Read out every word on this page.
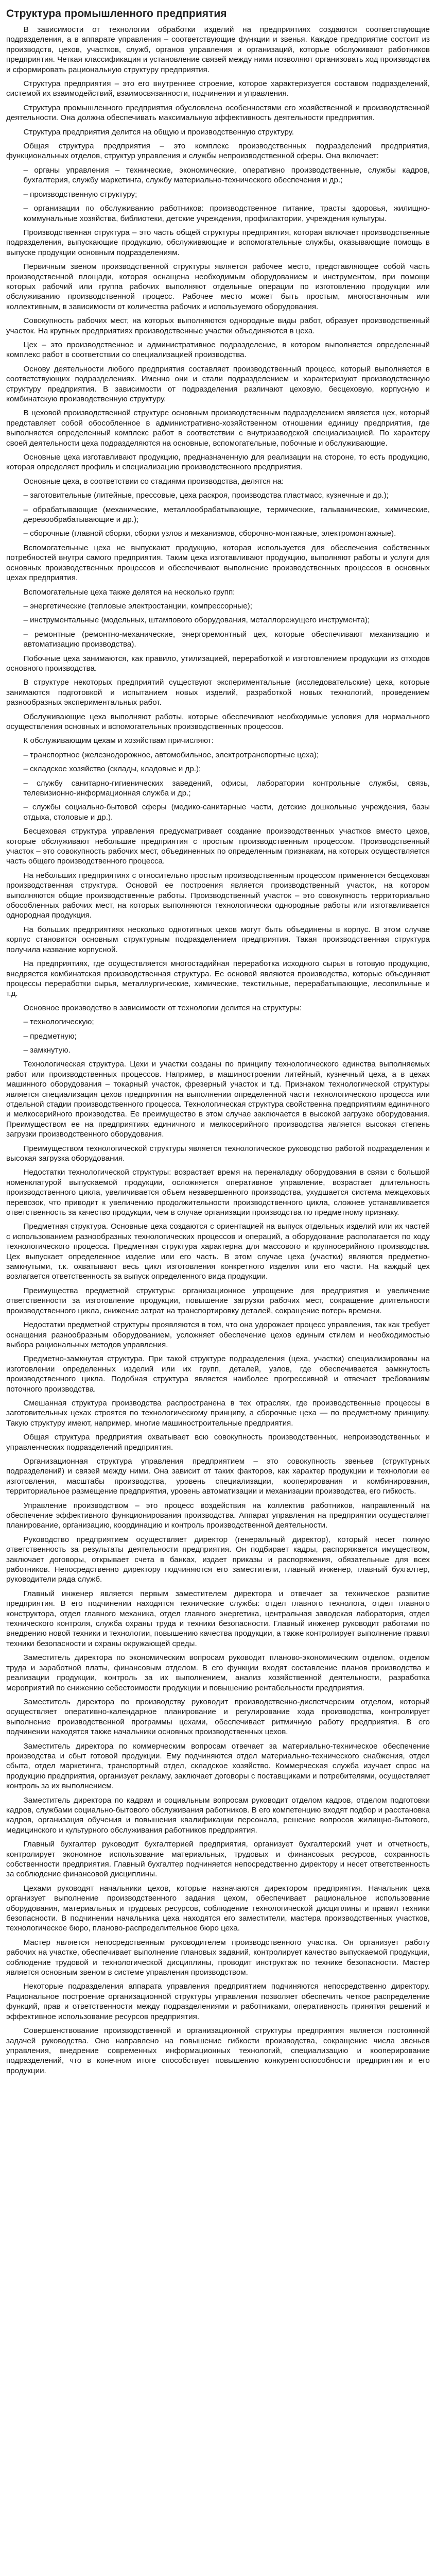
Структура промышленного предприятия

В зависимости от технологии обработки изделий на предприятиях создаются соответствующие подразделения, а в аппарате управления – соответствующие функции и звенья. Каждое предприятие состоит из производств, цехов, участков, служб, органов управления и организаций, которые обслуживают работников предприятия. Четкая классификация и установление связей между ними позволяют организовать ход производства и сформировать рациональную структуру предприятия.

Структура предприятия – это его внутреннее строение, которое характеризуется составом подразделений, системой их взаимодействий, взаимосвязанности, подчинения и управления.

Структура промышленного предприятия обусловлена особенностями его хозяйственной и производственной деятельности. Она должна обеспечивать максимальную эффективность деятельности предприятия.

Структура предприятия делится на общую и производственную структуру.

Общая структура предприятия – это комплекс производственных подразделений предприятия, функциональных отделов, структур управления и службы непроизводственной сферы. Она включает:

– органы управления – технические, экономические, оперативно производственные, службы кадров, бухгалтерия, службу маркетинга, службу материально-технического обеспечения и др.;

– производственную структуру;

– организации по обслуживанию работников: производственное питание, трасты здоровья, жилищно-коммунальные хозяйства, библиотеки, детские учреждения, профилактории, учреждения культуры.

Производственная структура – это часть общей структуры предприятия, которая включает производственные подразделения, выпускающие продукцию, обслуживающие и вспомогательные службы, оказывающие помощь в выпуске продукции основным подразделениям.

Первичным звеном производственной структуры является рабочее место, представляющее собой часть производственной площади, которая оснащена необходимым оборудованием и инструментом, при помощи которых рабочий или группа рабочих выполняют отдельные операции по изготовлению продукции или обслуживанию производственной процесс. Рабочее место может быть простым, многостаночным или коллективным, в зависимости от количества рабочих и используемого оборудования.

Совокупность рабочих мест, на которых выполняются однородные виды работ, образует производственный участок. На крупных предприятиях производственные участки объединяются в цеха.

Цех – это производственное и административное подразделение, в котором выполняется определенный комплекс работ в соответствии со специализацией производства.

Основу деятельности любого предприятия составляет производственный процесс, который выполняется в соответствующих подразделениях. Именно они и стали подразделением и характеризуют производственную структуру предприятия. В зависимости от подразделения различают цеховую, бесцеховую, корпусную и комбинатскую производственную структуру.

В цеховой производственной структуре основным производственным подразделением является цех, который представляет собой обособленное в административно-хозяйственном отношении единицу предприятия, где выполняется определенный комплекс работ в соответствии с внутризаводской специализацией. По характеру своей деятельности цеха подразделяются на основные, вспомогательные, побочные и обслуживающие.

Основные цеха изготавливают продукцию, предназначенную для реализации на стороне, то есть продукцию, которая определяет профиль и специализацию производственного предприятия.

Основные цеха, в соответствии со стадиями производства, делятся на:

– заготовительные (литейные, прессовые, цеха раскроя, производства пластмасс, кузнечные и др.);

– обрабатывающие (механические, металлообрабатывающие, термические, гальванические, химические, деревообрабатывающие и др.);

– сборочные (главной сборки, сборки узлов и механизмов, сборочно-монтажные, электромонтажные).

Вспомогательные цеха не выпускают продукцию, которая используется для обеспечения собственных потребностей внутри самого предприятия. Таким цеха изготавливают продукцию, выполняют работы и услуги для основных производственных процессов и обеспечивают выполнение производственных процессов в основных цехах предприятия.

Вспомогательные цеха также делятся на несколько групп:

– энергетические (тепловые электростанции, компрессорные);

– инструментальные (модельных, штампового оборудования, металлорежущего инструмента);

– ремонтные (ремонтно-механические, энергоремонтный цех, которые обеспечивают механизацию и автоматизацию производства).

Побочные цеха занимаются, как правило, утилизацией, переработкой и изготовлением продукции из отходов основного производства.

В структуре некоторых предприятий существуют экспериментальные (исследовательские) цеха, которые занимаются подготовкой и испытанием новых изделий, разработкой новых технологий, проведением разнообразных экспериментальных работ.

Обслуживающие цеха выполняют работы, которые обеспечивают необходимые условия для нормального осуществления основных и вспомогательных производственных процессов.

К обслуживающим цехам и хозяйствам причисляют:

– транспортное (железнодорожное, автомобильное, электротранспортные цеха);

– складское хозяйство (склады, кладовые и др.);

– службу санитарно-гигиенических заведений, офисы, лаборатории контрольные службы, связь, телевизионно-информационная служба и др.;

– службы социально-бытовой сферы (медико-санитарные части, детские дошкольные учреждения, базы отдыха, столовые и др.).

Бесцеховая структура управления предусматривает создание производственных участков вместо цехов, которые обслуживают небольшие предприятия с простым производственным процессом. Производственный участок – это совокупность рабочих мест, объединенных по определенным признакам, на которых осуществляется часть общего производственного процесса.

На небольших предприятиях с относительно простым производственным процессом применяется бесцеховая производственная структура. Основой ее построения является производственный участок, на котором выполняются общие производственные работы. Производственный участок – это совокупность территориально обособленных рабочих мест, на которых выполняются технологически однородные работы или изготавливается однородная продукция.

На больших предприятиях несколько однотипных цехов могут быть объединены в корпус. В этом случае корпус становится основным структурным подразделением предприятия. Такая производственная структура получила название корпусной.

На предприятиях, где осуществляется многостадийная переработка исходного сырья в готовую продукцию, внедряется комбинатская производственная структура. Ее основой являются производства, которые объединяют процессы переработки сырья, металлургические, химические, текстильные, перерабатывающие, лесопильные и т.д.

Основное производство в зависимости от технологии делится на структуры:

– технологическую;

– предметную;

– замкнутую.

Технологическая структура. Цехи и участки созданы по принципу технологического единства выполняемых работ или производственных процессов. Например, в машиностроении литейный, кузнечный цеха, а в цехах машинного оборудования – токарный участок, фрезерный участок и т.д. Признаком технологической структуры является специализация цехов предприятия на выполнении определенной части технологического процесса или отдельной стадии производственного процесса. Технологическая структура свойственна предприятиям единичного и мелкосерийного производства. Ее преимущество в этом случае заключается в высокой загрузке оборудования. Преимуществом ее на предприятиях единичного и мелкосерийного производства является высокая степень загрузки производственного оборудования.

Преимуществом технологической структуры является технологическое руководство работой подразделения и высокая загрузка оборудования.

Недостатки технологической структуры: возрастает время на переналадку оборудования в связи с большой номенклатурой выпускаемой продукции, осложняется оперативное управление, возрастает длительность производственного цикла, увеличивается объем незавершенного производства, ухудшается система межцеховых перевозок, что приводит к увеличению продолжительности производственного цикла, сложнее устанавливается ответственность за качество продукции, чем в случае организации производства по предметному признаку.

Предметная структура. Основные цеха создаются с ориентацией на выпуск отдельных изделий или их частей с использованием разнообразных технологических процессов и операций, а оборудование располагается по ходу технологического процесса. Предметная структура характерна для массового и крупносерийного производства. Цех выпускает определенное изделие или его часть. В этом случае цеха (участки) являются предметно-замкнутыми, т.к. охватывают весь цикл изготовления конкретного изделия или его части. На каждый цех возлагается ответственность за выпуск определенного вида продукции.

Преимущества предметной структуры: организационное упрощение для предприятия и увеличение ответственности за изготовление продукции, повышение загрузки рабочих мест, сокращение длительности производственного цикла, снижение затрат на транспортировку деталей, сокращение потерь времени.

Недостатки предметной структуры проявляются в том, что она удорожает процесс управления, так как требует оснащения разнообразным оборудованием, усложняет обеспечение цехов единым стилем и необходимостью выбора рациональных методов управления.

Предметно-замкнутая структура. При такой структуре подразделения (цеха, участки) специализированы на изготовлении определенных изделий или их групп, деталей, узлов, где обеспечивается замкнутость производственного цикла. Подобная структура является наиболее прогрессивной и отвечает требованиям поточного производства.

Смешанная структура производства распространена в тех отраслях, где производственные процессы в заготовительных цехах строятся по технологическому принципу, а сборочные цеха — по предметному принципу. Такую структуру имеют, например, многие машиностроительные предприятия.

Общая структура предприятия охватывает всю совокупность производственных, непроизводственных и управленческих подразделений предприятия.

Организационная структура управления предприятием – это совокупность звеньев (структурных подразделений) и связей между ними. Она зависит от таких факторов, как характер продукции и технологии ее изготовления, масштабы производства, уровень специализации, кооперирования и комбинирования, территориальное размещение предприятия, уровень автоматизации и механизации производства, его гибкость.

Управление производством – это процесс воздействия на коллектив работников, направленный на обеспечение эффективного функционирования производства. Аппарат управления на предприятии осуществляет планирование, организацию, координацию и контроль производственной деятельности.

Руководство предприятием осуществляет директор (генеральный директор), который несет полную ответственность за результаты деятельности предприятия. Он подбирает кадры, распоряжается имуществом, заключает договоры, открывает счета в банках, издает приказы и распоряжения, обязательные для всех работников. Непосредственно директору подчиняются его заместители, главный инженер, главный бухгалтер, руководители ряда служб.

Главный инженер является первым заместителем директора и отвечает за техническое развитие предприятия. В его подчинении находятся технические службы: отдел главного технолога, отдел главного конструктора, отдел главного механика, отдел главного энергетика, центральная заводская лаборатория, отдел технического контроля, служба охраны труда и техники безопасности. Главный инженер руководит работами по внедрению новой техники и технологии, повышению качества продукции, а также контролирует выполнение правил техники безопасности и охраны окружающей среды.

Заместитель директора по экономическим вопросам руководит планово-экономическим отделом, отделом труда и заработной платы, финансовым отделом. В его функции входят составление планов производства и реализации продукции, контроль за их выполнением, анализ хозяйственной деятельности, разработка мероприятий по снижению себестоимости продукции и повышению рентабельности предприятия.

Заместитель директора по производству руководит производственно-диспетчерским отделом, который осуществляет оперативно-календарное планирование и регулирование хода производства, контролирует выполнение производственной программы цехами, обеспечивает ритмичную работу предприятия. В его подчинении находятся также начальники основных производственных цехов.

Заместитель директора по коммерческим вопросам отвечает за материально-техническое обеспечение производства и сбыт готовой продукции. Ему подчиняются отдел материально-технического снабжения, отдел сбыта, отдел маркетинга, транспортный отдел, складское хозяйство. Коммерческая служба изучает спрос на продукцию предприятия, организует рекламу, заключает договоры с поставщиками и потребителями, осуществляет контроль за их выполнением.

Заместитель директора по кадрам и социальным вопросам руководит отделом кадров, отделом подготовки кадров, службами социально-бытового обслуживания работников. В его компетенцию входят подбор и расстановка кадров, организация обучения и повышения квалификации персонала, решение вопросов жилищно-бытового, медицинского и культурного обслуживания работников предприятия.

Главный бухгалтер руководит бухгалтерией предприятия, организует бухгалтерский учет и отчетность, контролирует экономное использование материальных, трудовых и финансовых ресурсов, сохранность собственности предприятия. Главный бухгалтер подчиняется непосредственно директору и несет ответственность за соблюдение финансовой дисциплины.

Цехами руководят начальники цехов, которые назначаются директором предприятия. Начальник цеха организует выполнение производственного задания цехом, обеспечивает рациональное использование оборудования, материальных и трудовых ресурсов, соблюдение технологической дисциплины и правил техники безопасности. В подчинении начальника цеха находятся его заместители, мастера производственных участков, технологическое бюро, планово-распределительное бюро цеха.

Мастер является непосредственным руководителем производственного участка. Он организует работу рабочих на участке, обеспечивает выполнение плановых заданий, контролирует качество выпускаемой продукции, соблюдение трудовой и технологической дисциплины, проводит инструктаж по технике безопасности. Мастер является основным звеном в системе управления производством.

Некоторые подразделения аппарата управления предприятием подчиняются непосредственно директору. Рациональное построение организационной структуры управления позволяет обеспечить четкое распределение функций, прав и ответственности между подразделениями и работниками, оперативность принятия решений и эффективное использование ресурсов предприятия.

Совершенствование производственной и организационной структуры предприятия является постоянной задачей руководства. Оно направлено на повышение гибкости производства, сокращение числа звеньев управления, внедрение современных информационных технологий, специализацию и кооперирование подразделений, что в конечном итоге способствует повышению конкурентоспособности предприятия и его продукции.
